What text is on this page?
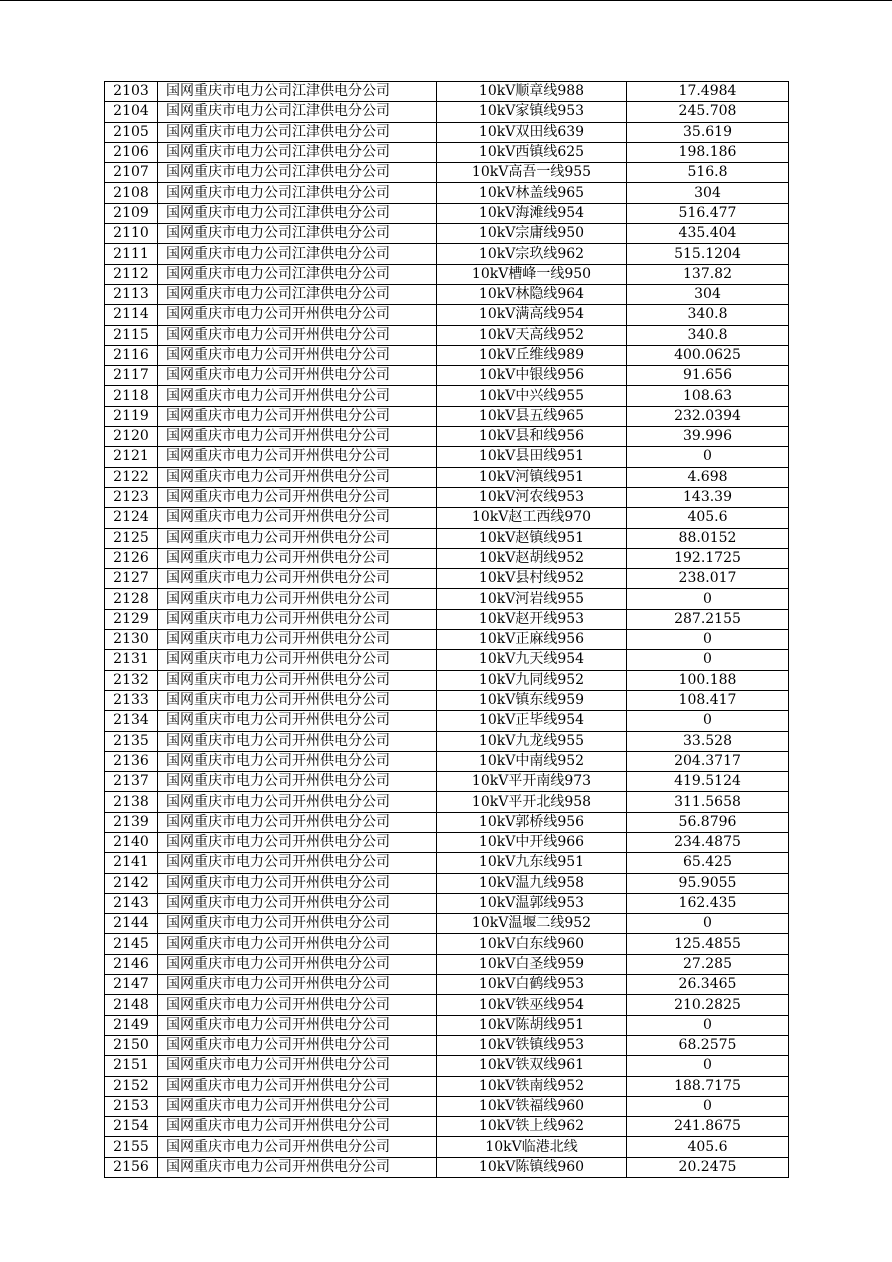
2103	国网重庆市电力公司江津供电分公司	10kV顺章线988	17.4984
2104	国网重庆市电力公司江津供电分公司	10kV家镇线953	245.708
2105	国网重庆市电力公司江津供电分公司	10kV双田线639	35.619
2106	国网重庆市电力公司江津供电分公司	10kV西镇线625	198.186
2107	国网重庆市电力公司江津供电分公司	10kV高吾一线955	516.8
2108	国网重庆市电力公司江津供电分公司	10kV林盖线965	304
2109	国网重庆市电力公司江津供电分公司	10kV海滩线954	516.477
2110	国网重庆市电力公司江津供电分公司	10kV宗庸线950	435.404
2111	国网重庆市电力公司江津供电分公司	10kV宗玖线962	515.1204
2112	国网重庆市电力公司江津供电分公司	10kV槽峰一线950	137.82
2113	国网重庆市电力公司江津供电分公司	10kV林隐线964	304
2114	国网重庆市电力公司开州供电分公司	10kV满高线954	340.8
2115	国网重庆市电力公司开州供电分公司	10kV天高线952	340.8
2116	国网重庆市电力公司开州供电分公司	10kV丘维线989	400.0625
2117	国网重庆市电力公司开州供电分公司	10kV中银线956	91.656
2118	国网重庆市电力公司开州供电分公司	10kV中兴线955	108.63
2119	国网重庆市电力公司开州供电分公司	10kV县五线965	232.0394
2120	国网重庆市电力公司开州供电分公司	10kV县和线956	39.996
2121	国网重庆市电力公司开州供电分公司	10kV县田线951	0
2122	国网重庆市电力公司开州供电分公司	10kV河镇线951	4.698
2123	国网重庆市电力公司开州供电分公司	10kV河农线953	143.39
2124	国网重庆市电力公司开州供电分公司	10kV赵工西线970	405.6
2125	国网重庆市电力公司开州供电分公司	10kV赵镇线951	88.0152
2126	国网重庆市电力公司开州供电分公司	10kV赵胡线952	192.1725
2127	国网重庆市电力公司开州供电分公司	10kV县村线952	238.017
2128	国网重庆市电力公司开州供电分公司	10kV河岩线955	0
2129	国网重庆市电力公司开州供电分公司	10kV赵开线953	287.2155
2130	国网重庆市电力公司开州供电分公司	10kV正麻线956	0
2131	国网重庆市电力公司开州供电分公司	10kV九天线954	0
2132	国网重庆市电力公司开州供电分公司	10kV九同线952	100.188
2133	国网重庆市电力公司开州供电分公司	10kV镇东线959	108.417
2134	国网重庆市电力公司开州供电分公司	10kV正毕线954	0
2135	国网重庆市电力公司开州供电分公司	10kV九龙线955	33.528
2136	国网重庆市电力公司开州供电分公司	10kV中南线952	204.3717
2137	国网重庆市电力公司开州供电分公司	10kV平开南线973	419.5124
2138	国网重庆市电力公司开州供电分公司	10kV平开北线958	311.5658
2139	国网重庆市电力公司开州供电分公司	10kV郭桥线956	56.8796
2140	国网重庆市电力公司开州供电分公司	10kV中开线966	234.4875
2141	国网重庆市电力公司开州供电分公司	10kV九东线951	65.425
2142	国网重庆市电力公司开州供电分公司	10kV温九线958	95.9055
2143	国网重庆市电力公司开州供电分公司	10kV温郭线953	162.435
2144	国网重庆市电力公司开州供电分公司	10kV温堰二线952	0
2145	国网重庆市电力公司开州供电分公司	10kV白东线960	125.4855
2146	国网重庆市电力公司开州供电分公司	10kV白圣线959	27.285
2147	国网重庆市电力公司开州供电分公司	10kV白鹤线953	26.3465
2148	国网重庆市电力公司开州供电分公司	10kV铁巫线954	210.2825
2149	国网重庆市电力公司开州供电分公司	10kV陈胡线951	0
2150	国网重庆市电力公司开州供电分公司	10kV铁镇线953	68.2575
2151	国网重庆市电力公司开州供电分公司	10kV铁双线961	0
2152	国网重庆市电力公司开州供电分公司	10kV铁南线952	188.7175
2153	国网重庆市电力公司开州供电分公司	10kV铁福线960	0
2154	国网重庆市电力公司开州供电分公司	10kV铁上线962	241.8675
2155	国网重庆市电力公司开州供电分公司	10kV临港北线	405.6
2156	国网重庆市电力公司开州供电分公司	10kV陈镇线960	20.2475
